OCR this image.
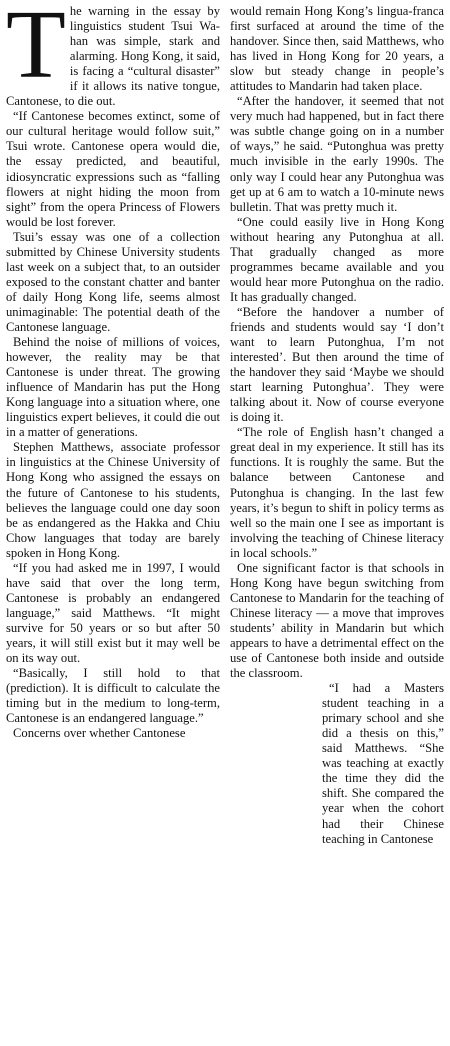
The warning in the essay by linguistics student Tsui Wa-han was simple, stark and alarming. Hong Kong, it said, is facing a “cultural disaster” if it allows its native tongue, Cantonese, to die out.

“If Cantonese becomes extinct, some of our cultural heritage would follow suit,” Tsui wrote. Cantonese opera would die, the essay predicted, and beautiful, idiosyncratic expressions such as “falling flowers at night hiding the moon from sight” from the opera Princess of Flowers would be lost forever.

Tsui’s essay was one of a collection submitted by Chinese University students last week on a subject that, to an outsider exposed to the constant chatter and banter of daily Hong Kong life, seems almost unimaginable: The potential death of the Cantonese language.

Behind the noise of millions of voices, however, the reality may be that Cantonese is under threat. The growing influence of Mandarin has put the Hong Kong language into a situation where, one linguistics expert believes, it could die out in a matter of generations.

Stephen Matthews, associate professor in linguistics at the Chinese University of Hong Kong who assigned the essays on the future of Cantonese to his students, believes the language could one day soon be as endangered as the Hakka and Chiu Chow languages that today are barely spoken in Hong Kong.

“If you had asked me in 1997, I would have said that over the long term, Cantonese is probably an endangered language,” said Matthews. “It might survive for 50 years or so but after 50 years, it will still exist but it may well be on its way out.

“Basically, I still hold to that (prediction). It is difficult to calculate the timing but in the medium to long-term, Cantonese is an endangered language.”

Concerns over whether Cantonese

would remain Hong Kong’s lingua-franca first surfaced at around the time of the handover. Since then, said Matthews, who has lived in Hong Kong for 20 years, a slow but steady change in people’s attitudes to Mandarin had taken place.

“After the handover, it seemed that not very much had happened, but in fact there was subtle change going on in a number of ways,” he said. “Putonghua was pretty much invisible in the early 1990s. The only way I could hear any Putonghua was get up at 6 am to watch a 10-minute news bulletin. That was pretty much it.

“One could easily live in Hong Kong without hearing any Putonghua at all. That gradually changed as more programmes became available and you would hear more Putonghua on the radio. It has gradually changed.

“Before the handover a number of friends and students would say ‘I don’t want to learn Putonghua, I’m not interested’. But then around the time of the handover they said ‘Maybe we should start learning Putonghua’. They were talking about it. Now of course everyone is doing it.

“The role of English hasn’t changed a great deal in my experience. It still has its functions. It is roughly the same. But the balance between Cantonese and Putonghua is changing. In the last few years, it’s begun to shift in policy terms as well so the main one I see as important is involving the teaching of Chinese literacy in local schools.”

One significant factor is that schools in Hong Kong have begun switching from Cantonese to Mandarin for the teaching of Chinese literacy — a move that improves students’ ability in Mandarin but which appears to have a detrimental effect on the use of Cantonese both inside and outside the classroom.

“I had a Masters student teaching in a primary school and she did a thesis on this,” said Matthews. “She was teaching at exactly the time they did the shift. She compared the year when the cohort had their Chinese teaching in Cantonese
